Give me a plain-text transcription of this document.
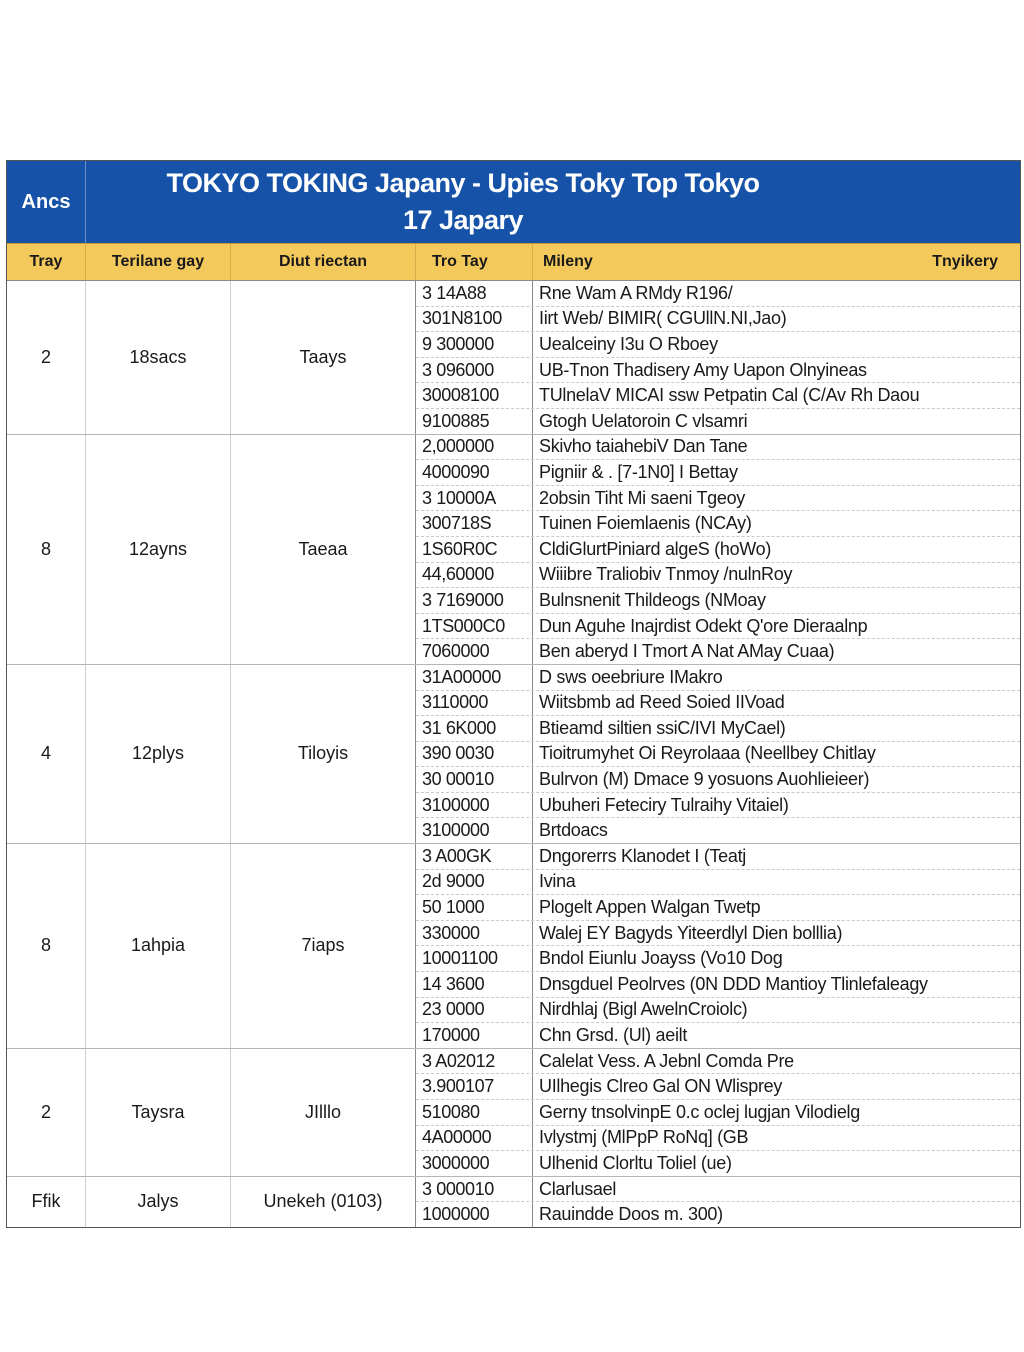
Ancs
TOKYO TOKING Japany - Upies Toky Top Tokyo
17 Japary
Tray	Terilane gay	Diut riectan	Tro Tay	Mileny	Tnyikery
2	18sacs	Taays
3 14A88	Rne Wam A RMdy R196/
301N8100	Iirt Web/ BIMIR( CGUllN.NI,Jao)
9 300000	Uealceiny I3u O Rboey
3 096000	UB-Tnon Thadisery Amy Uapon Olnyineas
30008100	TUlnelaV MICAI ssw Petpatin Cal (C/Av Rh Daou
9100885	Gtogh Uelatoroin C vlsamri
8	12ayns	Taeaa
2,000000	Skivho taiahebiV Dan Tane
4000090	Pigniir & . [7-1N0] I Bettay
3 10000A	2obsin Tiht Mi saeni Tgeoy
300718S	Tuinen Foiemlaenis (NCAy)
1S60R0C	CldiGlurtPiniard algeS (hoWo)
44,60000	Wiiibre Traliobiv Tnmoy /nulnRoy
3 7169000	Bulnsnenit Thildeogs (NMoay
1TS000C0	Dun Aguhe Inajrdist Odekt Q'ore Dieraalnp
7060000	Ben aberyd I Tmort A Nat AMay Cuaa)
4	12plys	Tiloyis
31A00000	D sws oeebriure IMakro
3110000	Wiitsbmb ad Reed Soied IIVoad
31 6K000	Btieamd siltien ssiC/IVI MyCael)
390 0030	Tioitrumyhet Oi Reyrolaaa (Neellbey Chitlay
30 00010	Bulrvon (M) Dmace 9 yosuons Auohlieieer)
3100000	Ubuheri Feteciry Tulraihy Vitaiel)
3100000	Brtdoacs
8	1ahpia	7iaps
3 A00GK	Dngorerrs Klanodet I (Teatj
2d 9000	Ivina
50 1000	Plogelt Appen Walgan Twetp
330000	Walej EY Bagyds Yiteerdlyl Dien bolllia)
10001100	Bndol Eiunlu Joayss (Vo10 Dog
14 3600	Dnsgduel Peolrves (0N DDD Mantioy Tlinlefaleagy
23 0000	Nirdhlaj (Bigl AwelnCroiolc)
170000	Chn Grsd. (Ul) aeilt
2	Taysra	JIlllo
3 A02012	Calelat Vess. A Jebnl Comda Pre
3.900107	UIlhegis Clreo Gal ON Wlisprey
510080	Gerny tnsolvinpE 0.c oclej lugjan Vilodielg
4A00000	Ivlystmj (MlPpP RoNq] (GB
3000000	Ulhenid Clorltu Toliel (ue)
Ffik	Jalys	Unekeh (0103)
3 000010	Clarlusael
1000000	Rauindde Doos m. 300)
